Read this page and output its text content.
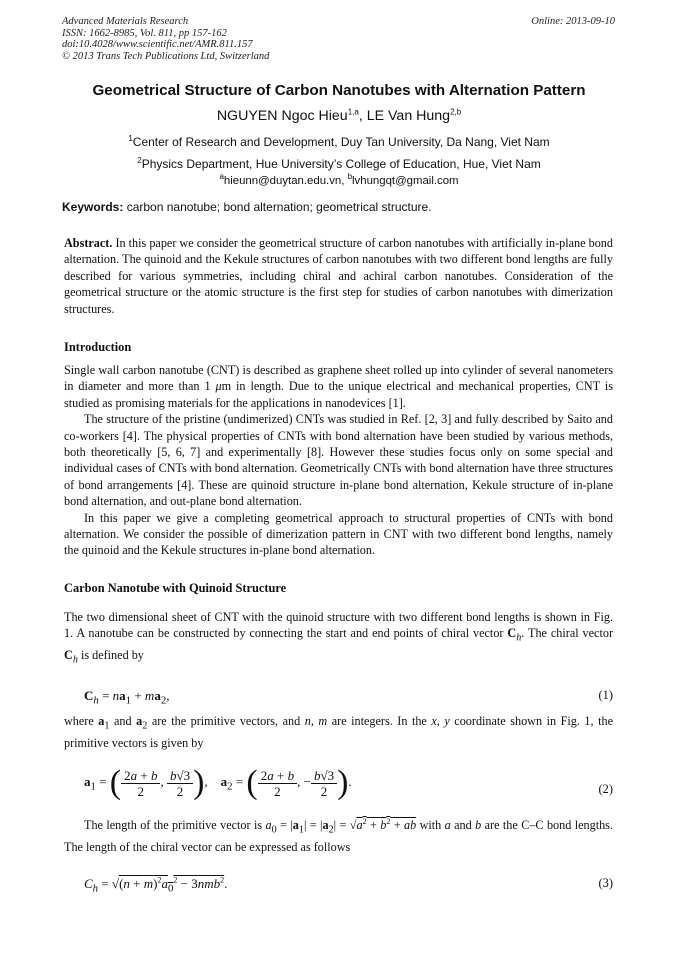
Advanced Materials Research
ISSN: 1662-8985, Vol. 811, pp 157-162
doi:10.4028/www.scientific.net/AMR.811.157
© 2013 Trans Tech Publications Ltd, Switzerland
Online: 2013-09-10
Geometrical Structure of Carbon Nanotubes with Alternation Pattern
NGUYEN Ngoc Hieu$^{1,a}$, LE Van Hung$^{2,b}$
$^1$Center of Research and Development, Duy Tan University, Da Nang, Viet Nam
$^2$Physics Department, Hue University’s College of Education, Hue, Viet Nam
$^a$hieunn@duytan.edu.vn, $^b$lvhungqt@gmail.com
Keywords: carbon nanotube; bond alternation; geometrical structure.

Abstract. In this paper we consider the geometrical structure of carbon nanotubes with artificially in-plane bond alternation. The quinoid and the Kekule structures of carbon nanotubes with two different bond lengths are fully described for various symmetries, including chiral and achiral carbon nanotubes. Consideration of the geometrical structure or the atomic structure is the first step for studies of carbon nanotubes with dimerization structures.

Introduction

Single wall carbon nanotube (CNT) is described as graphene sheet rolled up into cylinder of several nanometers in diameter and more than 1 μm in length. Due to the unique electrical and mechanical properties, CNT is studied as promising materials for the applications in nanodevices [1].

The structure of the pristine (undimerized) CNTs was studied in Ref. [2, 3] and fully described by Saito and co-workers [4]. The physical properties of CNTs with bond alternation have been studied by various methods, both theoretically [5, 6, 7] and experimentally [8]. However these studies focus only on some special and individual cases of CNTs with bond alternation. Geometrically CNTs with bond alternation have three structures of bond arrangements [4]. These are quinoid structure in-plane bond alternation, Kekule structure of in-plane bond alternation, and out-plane bond alternation.

In this paper we give a completing geometrical approach to structural properties of CNTs with bond alternation. We consider the possible of dimerization pattern in CNT with two different bond lengths, namely the quinoid and the Kekule structures in-plane bond alternation.

Carbon Nanotube with Quinoid Structure

The two dimensional sheet of CNT with the quinoid structure with two different bond lengths is shown in Fig. 1. A nanotube can be constructed by connecting the start and end points of chiral vector $C_h$. The chiral vector $C_h$ is defined by

$C_h = na_1 + ma_2$,	(1)

where $a_1$ and $a_2$ are the primitive vectors, and n, m are integers. In the x, y coordinate shown in Fig. 1, the primitive vectors is given by

$a_1$ = ( $\frac{2a + b}{2}$ , $\frac{b√3}{2}$ ),    $a_2$ = ( $\frac{2a + b}{2}$ , − $\frac{b√3}{2}$ ).
(2)

The length of the primitive vector is $a_0 = |a_1| = |a_2| = √a^2 + b^2$ + ab with a and b are the C–C bond lengths. The length of the chiral vector can be expressed as follows

$C_h = √(n + m)^2a_0^2 - 3nmb^2$.	(3)
